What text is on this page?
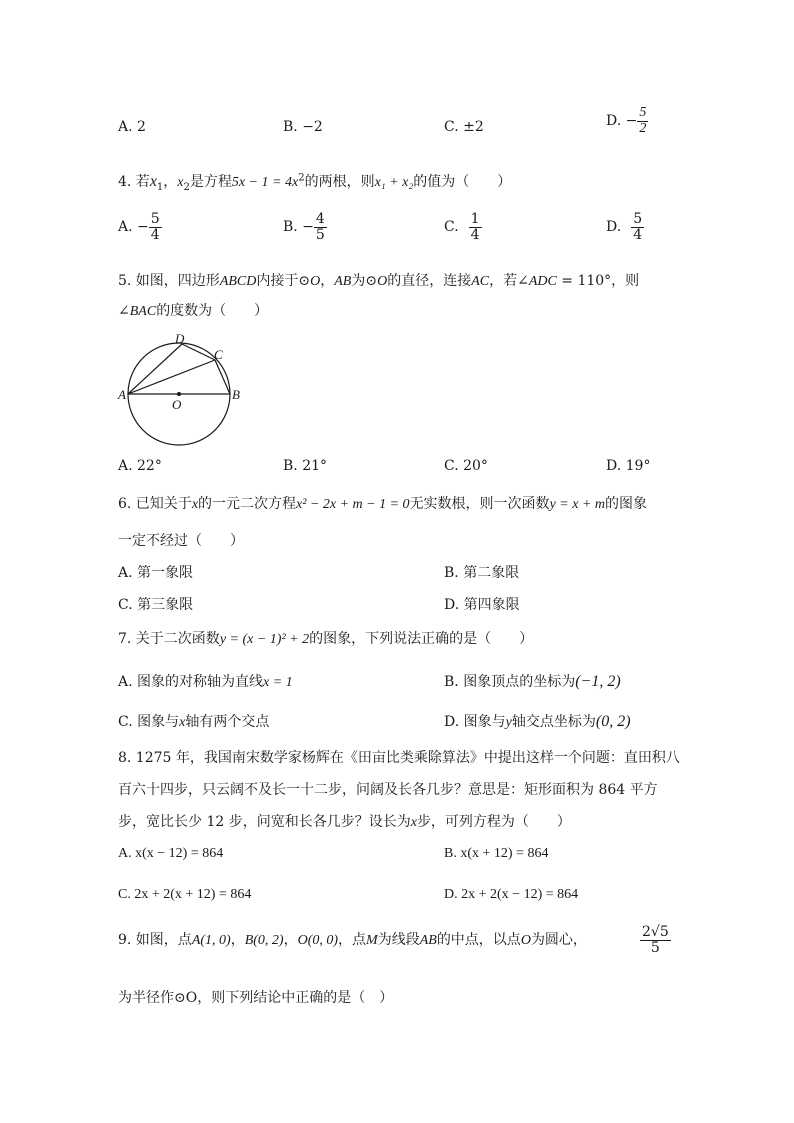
A. 2	B. −2	C. ±2	D. − $\frac{5}{2}$
4. 若$x_1$，$x_2$是方程$5x - 1 = 4x^2$的两根，则x₁ + x₂的值为（　　）
A. − $\frac{5}{4}$	B. − $\frac{4}{5}$	C. $\frac{1}{4}$	D. $\frac{5}{4}$
5. 如图，四边形ABCD内接于⊙O，AB为⊙O的直径，连接AC，若∠ADC = 110°，则
∠BAC的度数为（　　）
A	B
C
D
O
A. 22°	B. 21°	C. 20°	D. 19°
6. 已知关于x的一元二次方程x² − 2x + m − 1 = 0无实数根，则一次函数y = x + m的图象
一定不经过（　　）
A. 第一象限	B. 第二象限
C. 第三象限	D. 第四象限
7. 关于二次函数y = (x − 1)² + 2的图象，下列说法正确的是（　　）
A. 图象的对称轴为直线x = 1	B. 图象顶点的坐标为(−1, 2)
C. 图象与x轴有两个交点	D. 图象与y轴交点坐标为(0, 2)
8. 1275 年，我国南宋数学家杨辉在《田亩比类乘除算法》中提出这样一个问题：直田积八
百六十四步，只云阔不及长一十二步，问阔及长各几步？意思是：矩形面积为 864 平方
步，宽比长少 12 步，问宽和长各几步？设长为x步，可列方程为（　　）
A. x(x − 12) = 864	B. x(x + 12) = 864
C. 2x + 2(x + 12) = 864	D. 2x + 2(x − 12) = 864
9. 如图，点A(1, 0)，B(0, 2)，O(0, 0)，点M为线段AB的中点，以点O为圆心，	$\frac{2√5}{5}$
为半径作⊙O，则下列结论中正确的是（　）
